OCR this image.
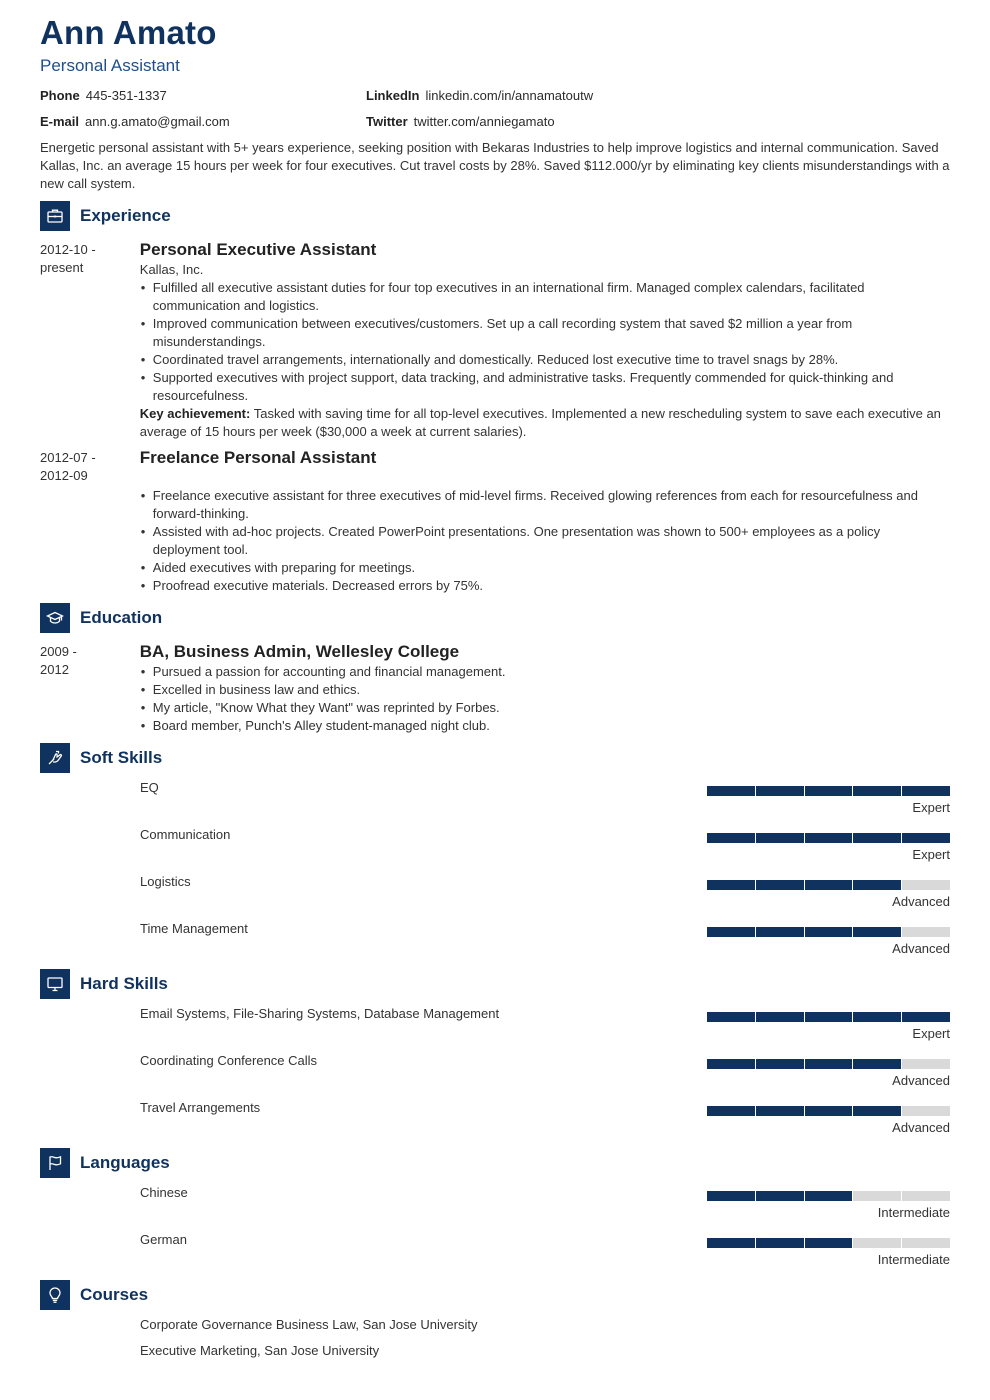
Ann Amato
Personal Assistant
Phone 445-351-1337	LinkedIn linkedin.com/in/annamatoutw
E-mail ann.g.amato@gmail.com	Twitter twitter.com/anniegamato
Energetic personal assistant with 5+ years experience, seeking position with Bekaras Industries to help improve logistics and internal communication. Saved Kallas, Inc. an average 15 hours per week for four executives. Cut travel costs by 28%. Saved $112.000/yr by eliminating key clients misunderstandings with a new call system.
Experience
2012-10 -
present
Personal Executive Assistant
Kallas, Inc.
• Fulfilled all executive assistant duties for four top executives in an international firm. Managed complex calendars, facilitated communication and logistics.
• Improved communication between executives/customers. Set up a call recording system that saved $2 million a year from misunderstandings.
• Coordinated travel arrangements, internationally and domestically. Reduced lost executive time to travel snags by 28%.
• Supported executives with project support, data tracking, and administrative tasks. Frequently commended for quick-thinking and resourcefulness.
Key achievement: Tasked with saving time for all top-level executives. Implemented a new rescheduling system to save each executive an average of 15 hours per week ($30,000 a week at current salaries).
2012-07 -
2012-09
Freelance Personal Assistant
• Freelance executive assistant for three executives of mid-level firms. Received glowing references from each for resourcefulness and forward-thinking.
• Assisted with ad-hoc projects. Created PowerPoint presentations. One presentation was shown to 500+ employees as a policy deployment tool.
• Aided executives with preparing for meetings.
• Proofread executive materials. Decreased errors by 75%.
Education
2009 -
2012
BA, Business Admin, Wellesley College
• Pursued a passion for accounting and financial management.
• Excelled in business law and ethics.
• My article, "Know What they Want" was reprinted by Forbes.
• Board member, Punch's Alley student-managed night club.
Soft Skills
EQ
Expert
Communication
Expert
Logistics
Advanced
Time Management
Advanced
Hard Skills
Email Systems, File-Sharing Systems, Database Management
Expert
Coordinating Conference Calls
Advanced
Travel Arrangements
Advanced
Languages
Chinese
Intermediate
German
Intermediate
Courses
Corporate Governance Business Law, San Jose University
Executive Marketing, San Jose University
